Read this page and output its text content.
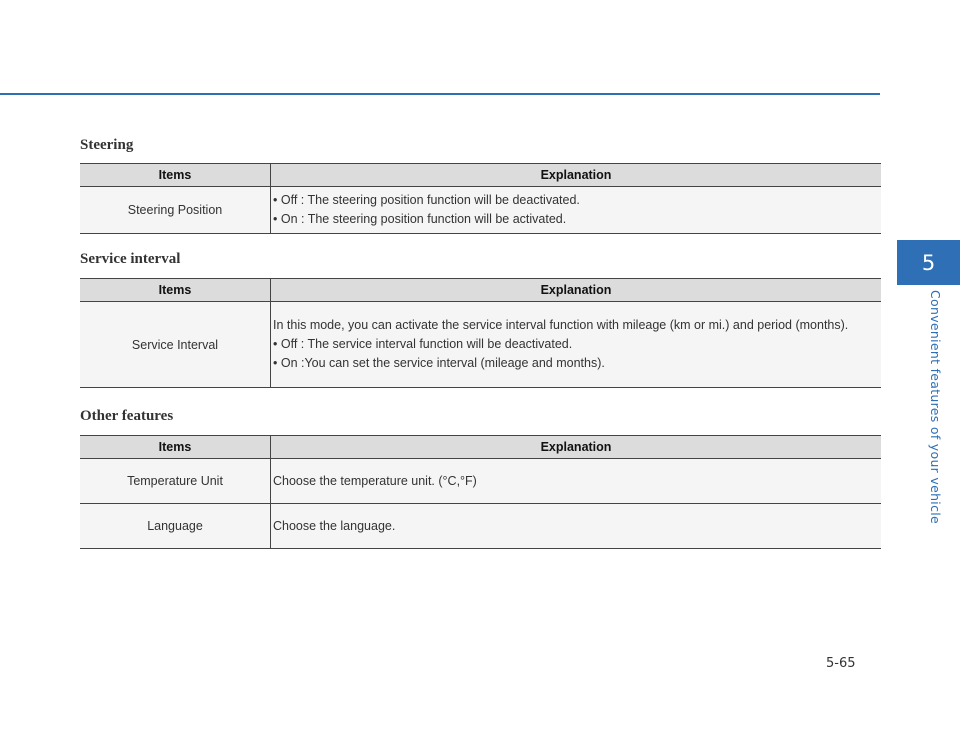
Steering
Items	Explanation
Steering Position	• Off : The steering position function will be deactivated.

• On : The steering position function will be activated.

Service interval
Items	Explanation
Service Interval	In this mode, you can activate the service interval function with mileage (km or mi.) and period (months).

• Off : The service interval function will be deactivated.

• On :You can set the service interval (mileage and months).

Other features
Items	Explanation
Temperature Unit	Choose the temperature unit. (°C,°F)

Language	Choose the language.

5
Convenient features of your vehicle
5-65
